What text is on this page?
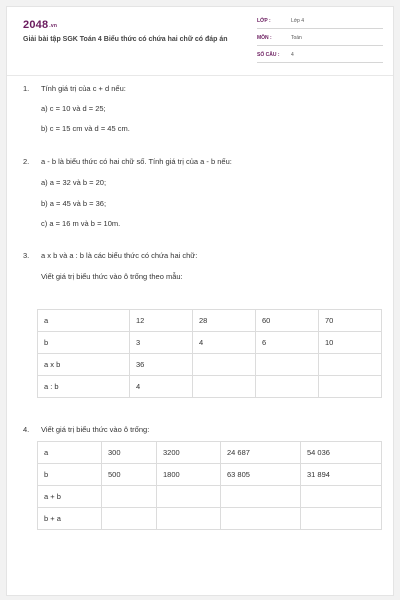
2048.vn
Giải bài tập SGK Toán 4 Biểu thức có chứa hai chữ có đáp án
LỚP :	Lớp 4
MÔN :	Toán
SỐ CÂU : 4
1. Tính giá trị của c + d nếu:
a) c = 10 và d = 25;
b) c = 15 cm và d = 45 cm.
2. a - b là biểu thức có hai chữ số. Tính giá trị của a - b nếu:
a) a = 32 và b = 20;
b) a = 45 và b = 36;
c) a = 16 m và b = 10m.
3. a x b và a : b là các biểu thức có chứa hai chữ:
Viết giá trị biểu thức vào ô trống theo mẫu:
a	12	28	60	70
b	3	4	6	10
a x b	36			
a : b	4			
4. Viết giá trị biểu thức vào ô trống:
a	300	3200	24 687	54 036
b	500	1800	63 805	31 894
a + b				
b + a				
